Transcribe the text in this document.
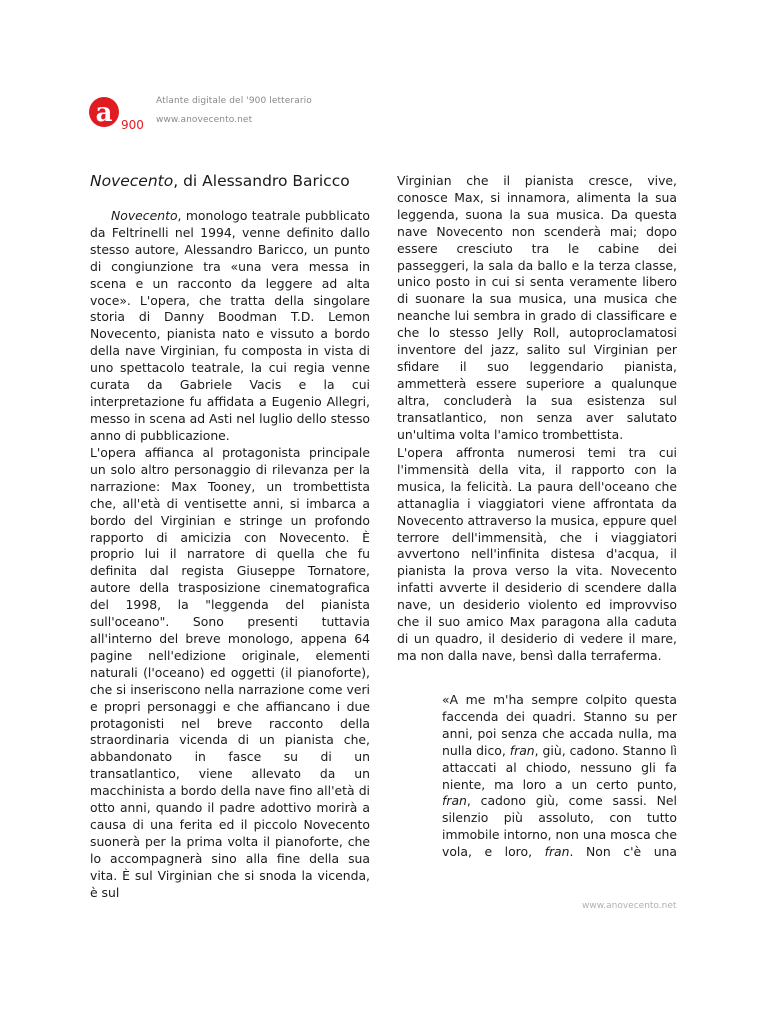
a 900
Atlante digitale del '900 letterario
www.anovecento.net
Novecento, di Alessandro Baricco

Novecento, monologo teatrale pubblicato da Feltrinelli nel 1994, venne definito dallo stesso autore, Alessandro Baricco, un punto di congiunzione tra «una vera messa in scena e un racconto da leggere ad alta voce». L'opera, che tratta della singolare storia di Danny Boodman T.D. Lemon Novecento, pianista nato e vissuto a bordo della nave Virginian, fu composta in vista di uno spettacolo teatrale, la cui regia venne curata da Gabriele Vacis e la cui interpretazione fu affidata a Eugenio Allegri, messo in scena ad Asti nel luglio dello stesso anno di pubblicazione.

L'opera affianca al protagonista principale un solo altro personaggio di rilevanza per la narrazione: Max Tooney, un trombettista che, all'età di ventisette anni, si imbarca a bordo del Virginian e stringe un profondo rapporto di amicizia con Novecento. È proprio lui il narratore di quella che fu definita dal regista Giuseppe Tornatore, autore della trasposizione cinematografica del 1998, la "leggenda del pianista sull'oceano". Sono presenti tuttavia all'interno del breve monologo, appena 64 pagine nell'edizione originale, elementi naturali (l'oceano) ed oggetti (il pianoforte), che si inseriscono nella narrazione come veri e propri personaggi e che affiancano i due protagonisti nel breve racconto della straordinaria vicenda di un pianista che, abbandonato in fasce su di un transatlantico, viene allevato da un macchinista a bordo della nave fino all'età di otto anni, quando il padre adottivo morirà a causa di una ferita ed il piccolo Novecento suonerà per la prima volta il pianoforte, che lo accompagnerà sino alla fine della sua vita. È sul Virginian che si snoda la vicenda, è sul

Virginian che il pianista cresce, vive, conosce Max, si innamora, alimenta la sua leggenda, suona la sua musica. Da questa nave Novecento non scenderà mai; dopo essere cresciuto tra le cabine dei passeggeri, la sala da ballo e la terza classe, unico posto in cui si senta veramente libero di suonare la sua musica, una musica che neanche lui sembra in grado di classificare e che lo stesso Jelly Roll, autoproclamatosi inventore del jazz, salito sul Virginian per sfidare il suo leggendario pianista, ammetterà essere superiore a qualunque altra, concluderà la sua esistenza sul transatlantico, non senza aver salutato un'ultima volta l'amico trombettista.

L'opera affronta numerosi temi tra cui l'immensità della vita, il rapporto con la musica, la felicità. La paura dell'oceano che attanaglia i viaggiatori viene affrontata da Novecento attraverso la musica, eppure quel terrore dell'immensità, che i viaggiatori avvertono nell'infinita distesa d'acqua, il pianista la prova verso la vita. Novecento infatti avverte il desiderio di scendere dalla nave, un desiderio violento ed improvviso che il suo amico Max paragona alla caduta di un quadro, il desiderio di vedere il mare, ma non dalla nave, bensì dalla terraferma.

«A me m'ha sempre colpito questa faccenda dei quadri. Stanno su per anni, poi senza che accada nulla, ma nulla dico, fran, giù, cadono. Stanno lì attaccati al chiodo, nessuno gli fa niente, ma loro a un certo punto, fran, cadono giù, come sassi. Nel silenzio più assoluto, con tutto immobile intorno, non una mosca che vola, e loro, fran. Non c'è una

www.anovecento.net
